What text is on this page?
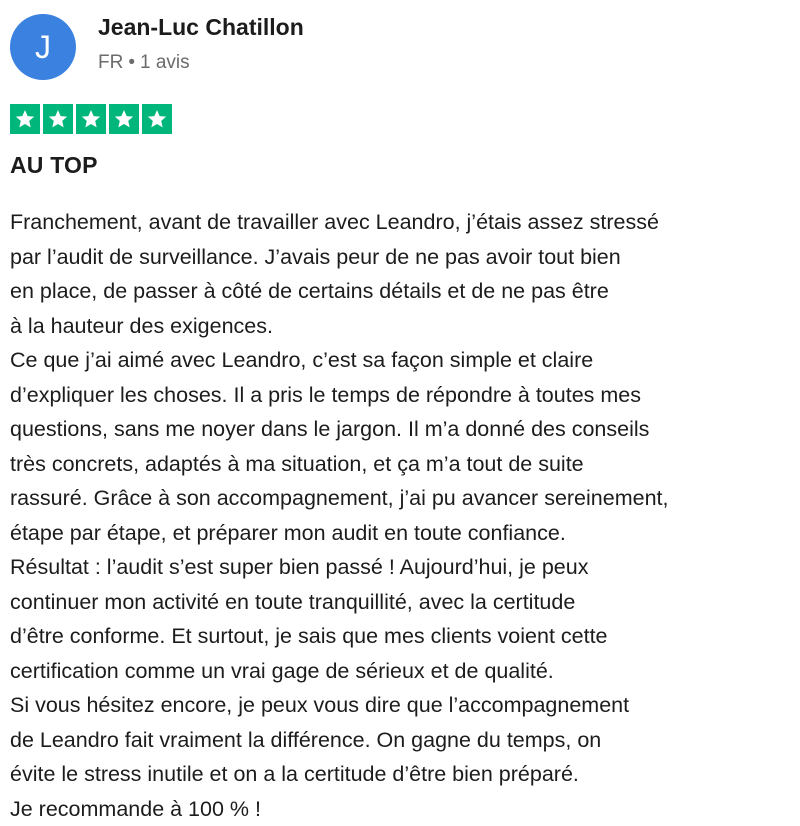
J
Jean-Luc Chatillon
FR • 1 avis
AU TOP
Franchement, avant de travailler avec Leandro, j’étais assez stressé
par l’audit de surveillance. J’avais peur de ne pas avoir tout bien
en place, de passer à côté de certains détails et de ne pas être
à la hauteur des exigences.
Ce que j’ai aimé avec Leandro, c’est sa façon simple et claire
d’expliquer les choses. Il a pris le temps de répondre à toutes mes
questions, sans me noyer dans le jargon. Il m’a donné des conseils
très concrets, adaptés à ma situation, et ça m’a tout de suite
rassuré. Grâce à son accompagnement, j’ai pu avancer sereinement,
étape par étape, et préparer mon audit en toute confiance.
Résultat : l’audit s’est super bien passé ! Aujourd’hui, je peux
continuer mon activité en toute tranquillité, avec la certitude
d’être conforme. Et surtout, je sais que mes clients voient cette
certification comme un vrai gage de sérieux et de qualité.
Si vous hésitez encore, je peux vous dire que l’accompagnement
de Leandro fait vraiment la différence. On gagne du temps, on
évite le stress inutile et on a la certitude d’être bien préparé.
Je recommande à 100 % !
